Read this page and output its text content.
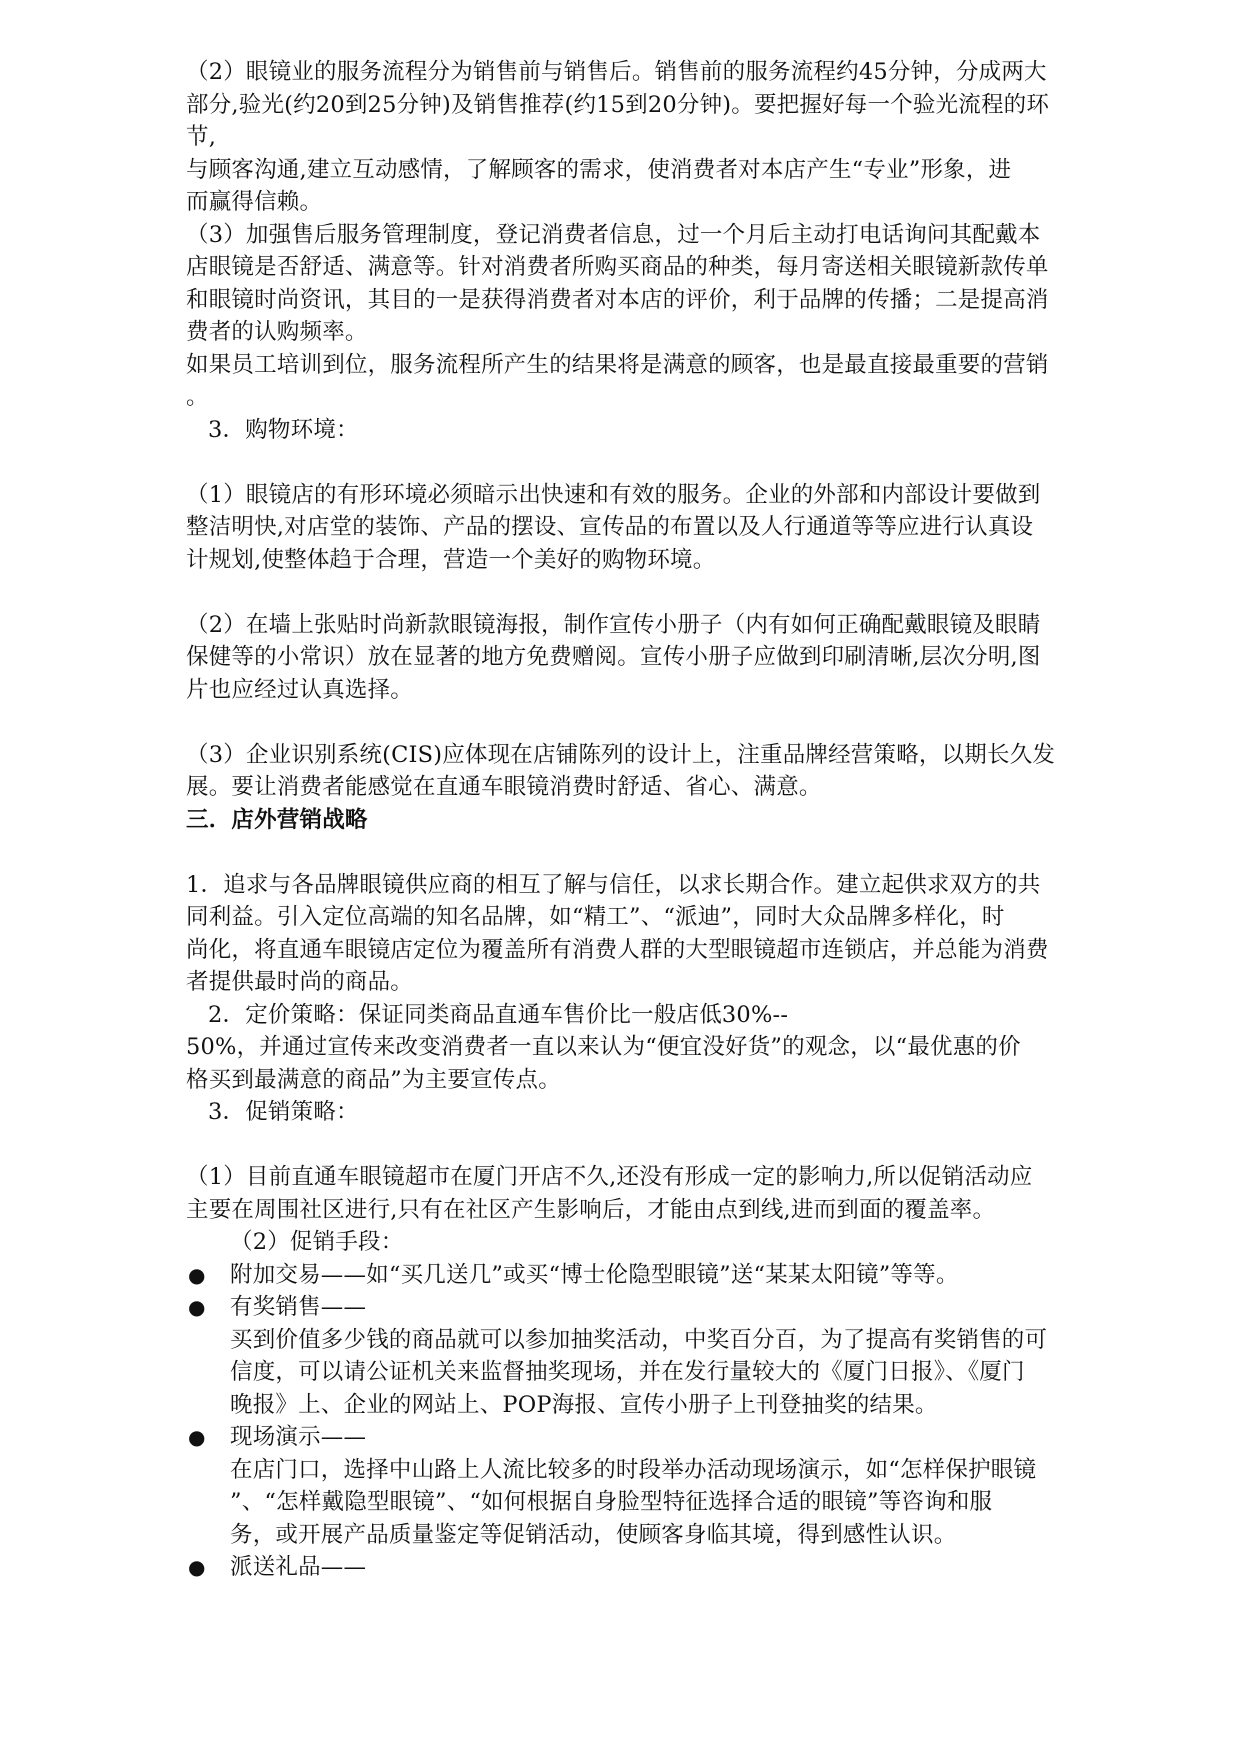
（2）眼镜业的服务流程分为销售前与销售后。销售前的服务流程约45分钟，分成两大
部分,验光(约20到25分钟)及销售推荐(约15到20分钟)。要把握好每一个验光流程的环
节,
与顾客沟通,建立互动感情，了解顾客的需求，使消费者对本店产生“专业”形象，进
而赢得信赖。
（3）加强售后服务管理制度，登记消费者信息，过一个月后主动打电话询问其配戴本
店眼镜是否舒适、满意等。针对消费者所购买商品的种类，每月寄送相关眼镜新款传单
和眼镜时尚资讯，其目的一是获得消费者对本店的评价，利于品牌的传播；二是提高消
费者的认购频率。
如果员工培训到位，服务流程所产生的结果将是满意的顾客，也是最直接最重要的营销
。
3．购物环境：
（1）眼镜店的有形环境必须暗示出快速和有效的服务。企业的外部和内部设计要做到
整洁明快,对店堂的装饰、产品的摆设、宣传品的布置以及人行通道等等应进行认真设
计规划,使整体趋于合理，营造一个美好的购物环境。
（2）在墙上张贴时尚新款眼镜海报，制作宣传小册子（内有如何正确配戴眼镜及眼睛
保健等的小常识）放在显著的地方免费赠阅。宣传小册子应做到印刷清晰,层次分明,图
片也应经过认真选择。
（3）企业识别系统(CIS)应体现在店铺陈列的设计上，注重品牌经营策略，以期长久发
展。要让消费者能感觉在直通车眼镜消费时舒适、省心、满意。
三．店外营销战略
1．追求与各品牌眼镜供应商的相互了解与信任，以求长期合作。建立起供求双方的共
同利益。引入定位高端的知名品牌，如“精工”、“派迪”，同时大众品牌多样化，时
尚化，将直通车眼镜店定位为覆盖所有消费人群的大型眼镜超市连锁店，并总能为消费
者提供最时尚的商品。
2．定价策略：保证同类商品直通车售价比一般店低30%--
50%，并通过宣传来改变消费者一直以来认为“便宜没好货”的观念，以“最优惠的价
格买到最满意的商品”为主要宣传点。
3．促销策略：
（1）目前直通车眼镜超市在厦门开店不久,还没有形成一定的影响力,所以促销活动应
主要在周围社区进行,只有在社区产生影响后，才能由点到线,进而到面的覆盖率。
（2）促销手段：
● 附加交易——如“买几送几”或买“博士伦隐型眼镜”送“某某太阳镜”等等。
● 有奖销售——
买到价值多少钱的商品就可以参加抽奖活动，中奖百分百，为了提高有奖销售的可
信度，可以请公证机关来监督抽奖现场，并在发行量较大的《厦门日报》、《厦门
晚报》上、企业的网站上、POP海报、宣传小册子上刊登抽奖的结果。
● 现场演示——
在店门口，选择中山路上人流比较多的时段举办活动现场演示，如“怎样保护眼镜
”、“怎样戴隐型眼镜”、“如何根据自身脸型特征选择合适的眼镜”等咨询和服
务，或开展产品质量鉴定等促销活动，使顾客身临其境，得到感性认识。
● 派送礼品——
